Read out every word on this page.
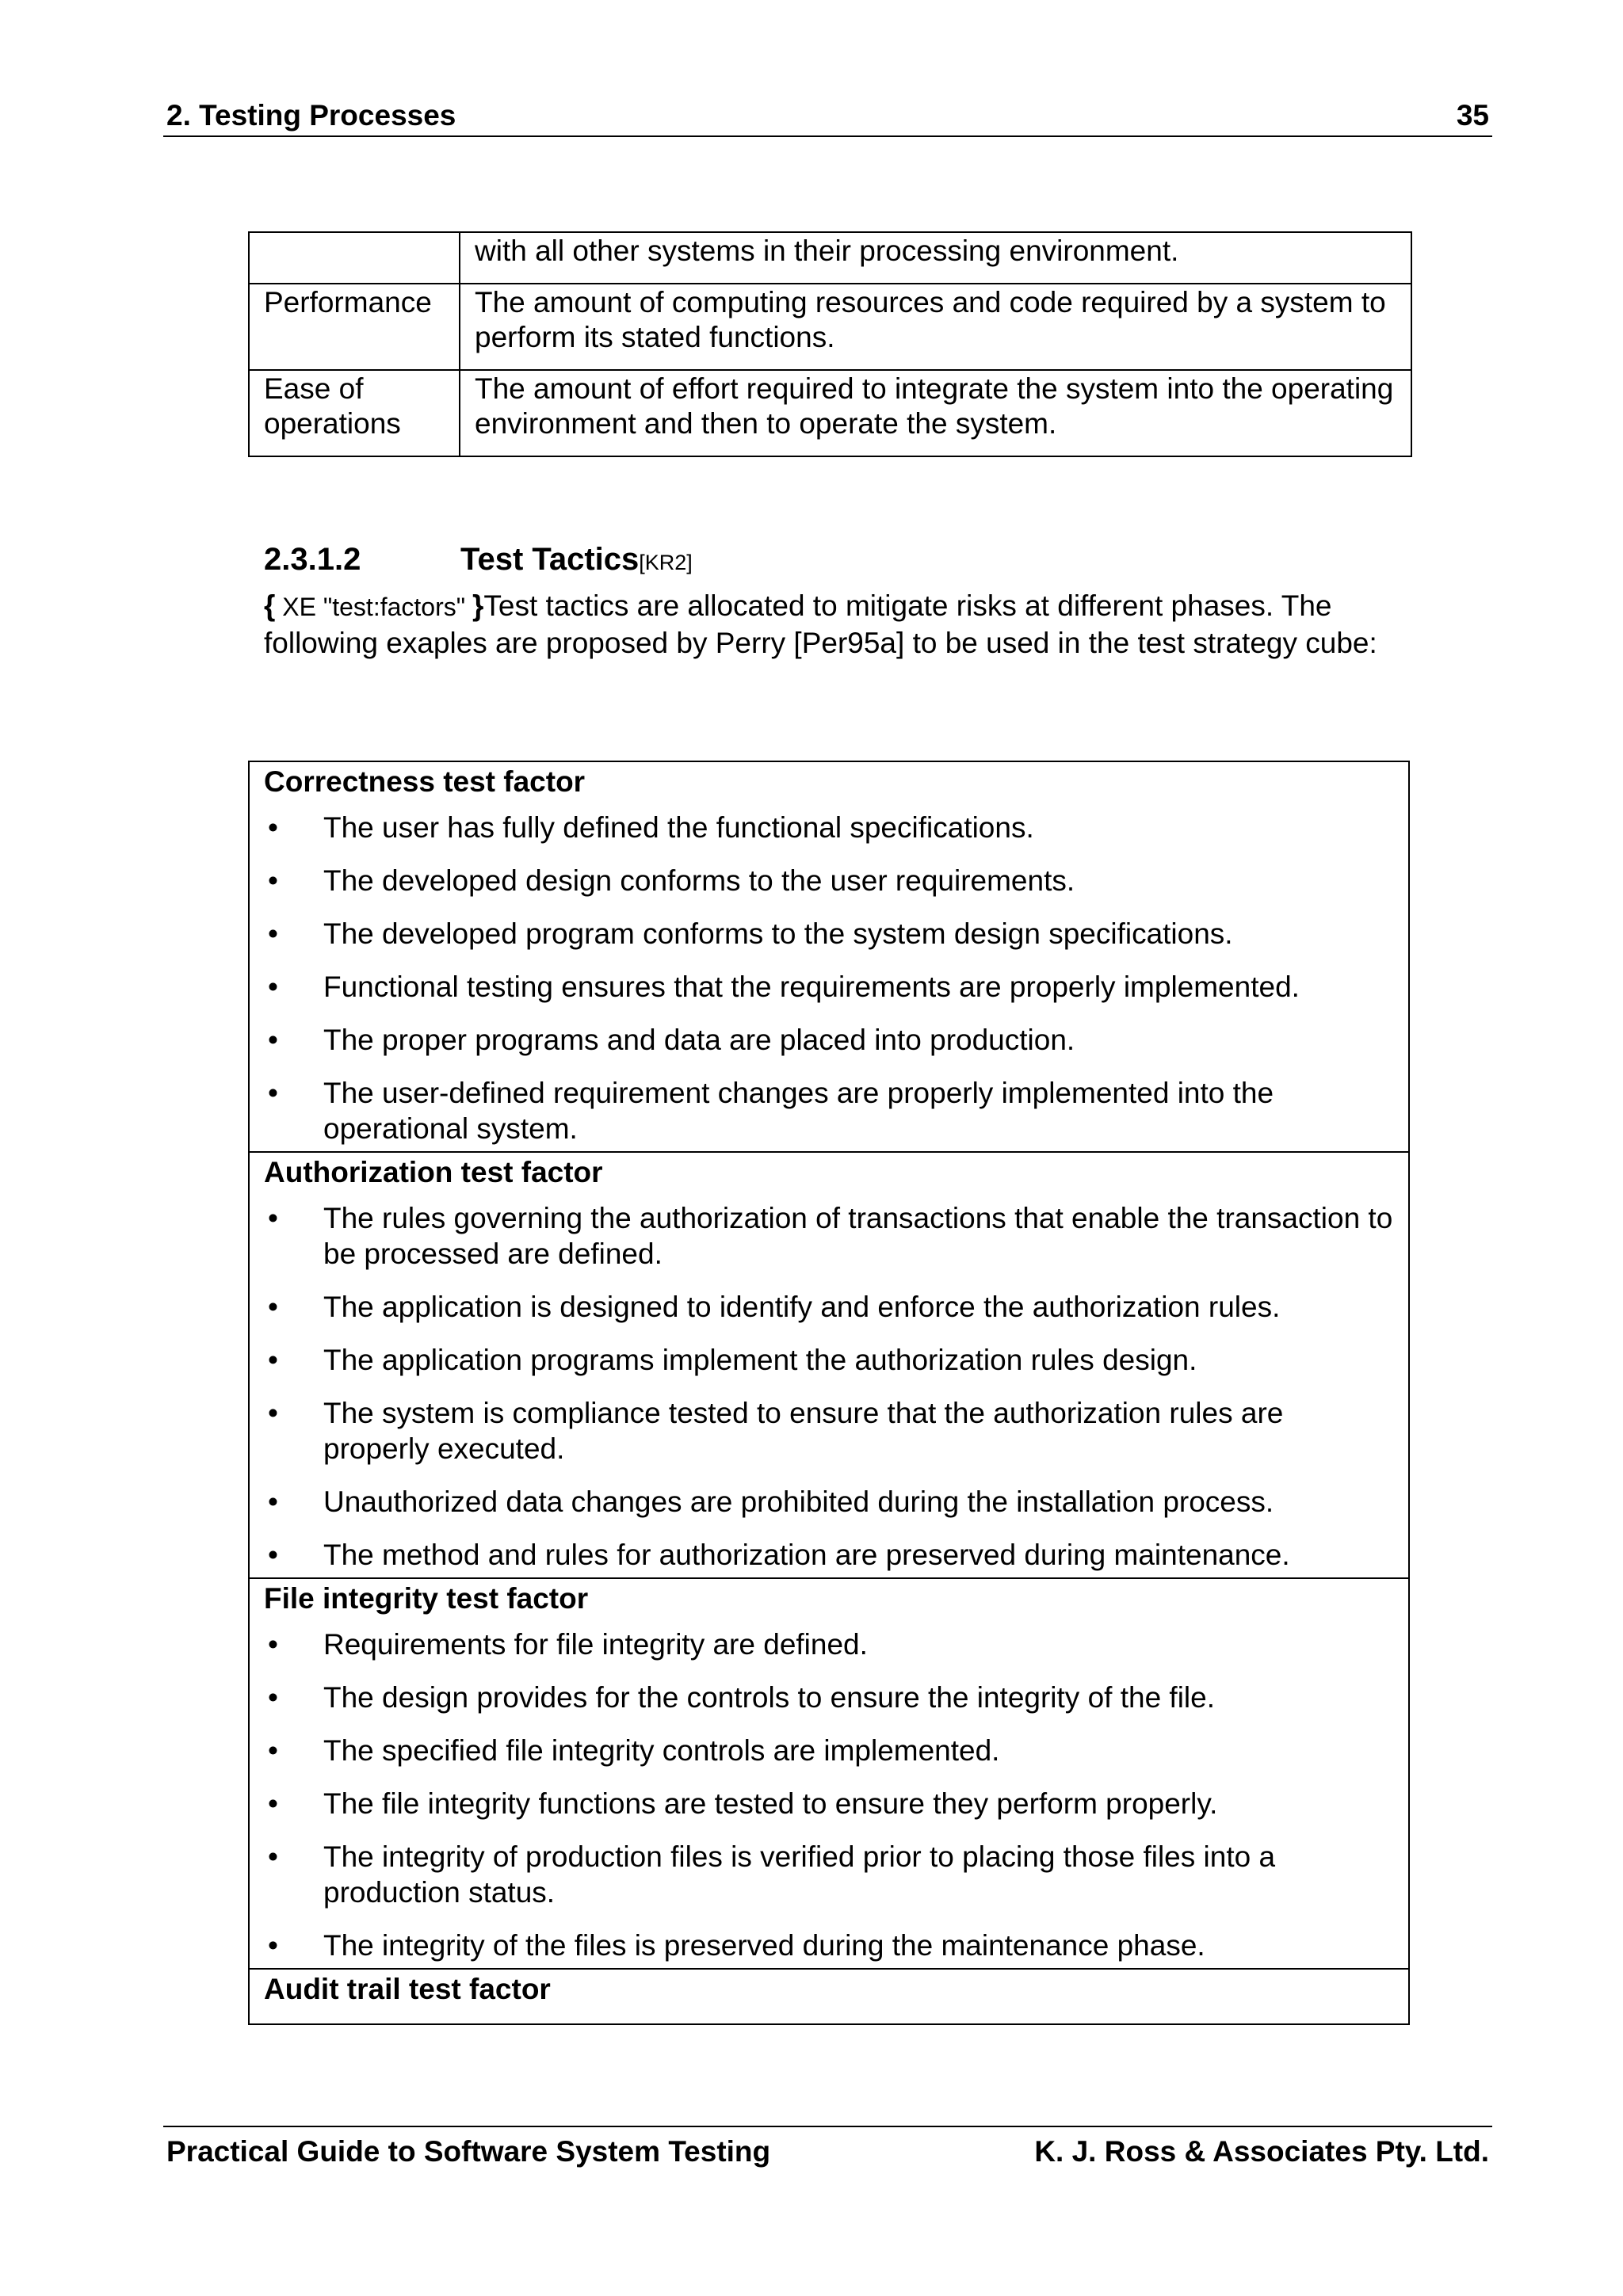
2. Testing Processes	35
	with all other systems in their processing environment.
Performance	The amount of computing resources and code required by a system to perform its stated functions.
Ease of operations	The amount of effort required to integrate the system into the operating environment and then to operate the system.
2.3.1.2	Test Tactics[KR2]
{ XE "test:factors" }Test tactics are allocated to mitigate risks at different phases. The following exaples are proposed by Perry [Per95a] to be used in the test strategy cube:
Correctness test factor
• The user has fully defined the functional specifications.
• The developed design conforms to the user requirements.
• The developed program conforms to the system design specifications.
• Functional testing ensures that the requirements are properly implemented.
• The proper programs and data are placed into production.
• The user-defined requirement changes are properly implemented into the operational system.
Authorization test factor
• The rules governing the authorization of transactions that enable the transaction to be processed are defined.
• The application is designed to identify and enforce the authorization rules.
• The application programs implement the authorization rules design.
• The system is compliance tested to ensure that the authorization rules are properly executed.
• Unauthorized data changes are prohibited during the installation process.
• The method and rules for authorization are preserved during maintenance.
File integrity test factor
• Requirements for file integrity are defined.
• The design provides for the controls to ensure the integrity of the file.
• The specified file integrity controls are implemented.
• The file integrity functions are tested to ensure they perform properly.
• The integrity of production files is verified prior to placing those files into a production status.
• The integrity of the files is preserved during the maintenance phase.
Audit trail test factor
Practical Guide to Software System Testing	K. J. Ross & Associates Pty. Ltd.
